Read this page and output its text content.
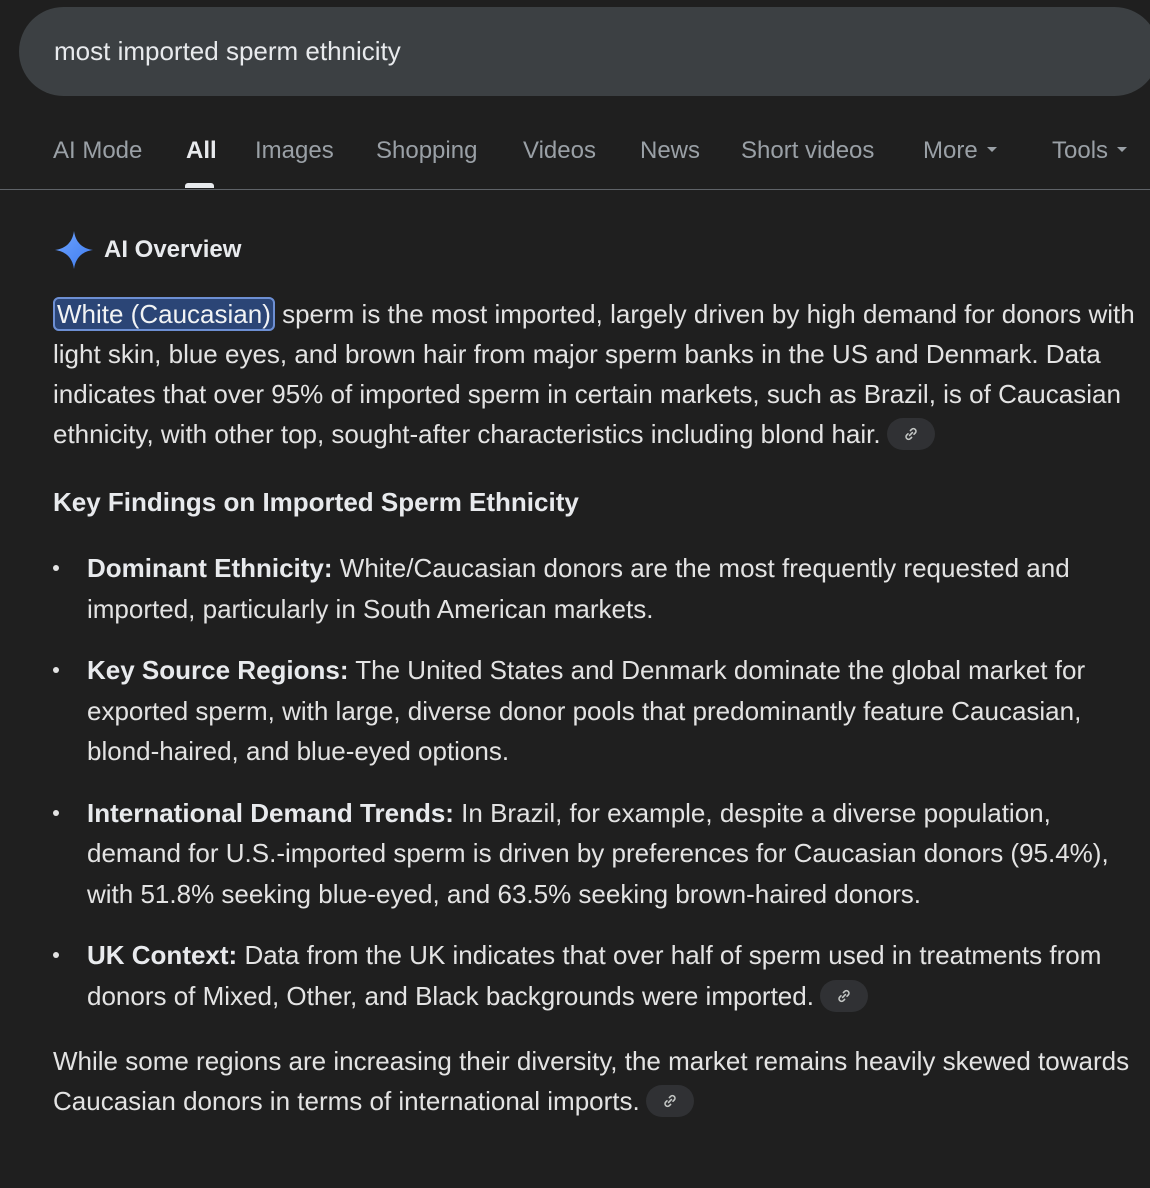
most imported sperm ethnicity
AI Mode All Images Shopping Videos News Short videos More	Tools
AI Overview

White (Caucasian) sperm is the most imported, largely driven by high demand for donors with light skin, blue eyes, and brown hair from major sperm banks in the US and Denmark. Data indicates that over 95% of imported sperm in certain markets, such as Brazil, is of Caucasian ethnicity, with other top, sought-after characteristics including blond hair.

Key Findings on Imported Sperm Ethnicity

Dominant Ethnicity: White/Caucasian donors are the most frequently requested and imported, particularly in South American markets.
Key Source Regions: The United States and Denmark dominate the global market for exported sperm, with large, diverse donor pools that predominantly feature Caucasian, blond-haired, and blue-eyed options.
International Demand Trends: In Brazil, for example, despite a diverse population, demand for U.S.-imported sperm is driven by preferences for Caucasian donors (95.4%), with 51.8% seeking blue-eyed, and 63.5% seeking brown-haired donors.
UK Context: Data from the UK indicates that over half of sperm used in treatments from donors of Mixed, Other, and Black backgrounds were imported.

While some regions are increasing their diversity, the market remains heavily skewed towards Caucasian donors in terms of international imports.
